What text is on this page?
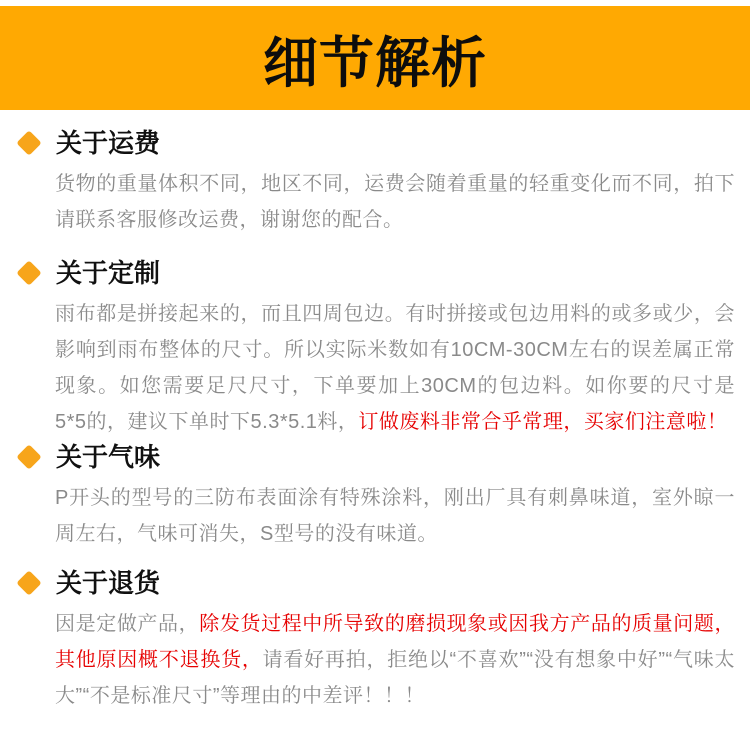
细节解析
关于运费

货物的重量体积不同，地区不同，运费会随着重量的轻重变化而不同，拍下请联系客服修改运费，谢谢您的配合。

关于定制

雨布都是拼接起来的，而且四周包边。有时拼接或包边用料的或多或少，会影响到雨布整体的尺寸。所以实际米数如有10CM-30CM左右的误差属正常现象。如您需要足尺尺寸，下单要加上30CM的包边料。如你要的尺寸是5*5的，建议下单时下5.3*5.1料，订做废料非常合乎常理，买家们注意啦！

关于气味

P开头的型号的三防布表面涂有特殊涂料，刚出厂具有刺鼻味道，室外晾一周左右，气味可消失，S型号的没有味道。

关于退货

因是定做产品，除发货过程中所导致的磨损现象或因我方产品的质量问题，其他原因概不退换货，请看好再拍，拒绝以“不喜欢”“没有想象中好”“气味太大”“不是标准尺寸”等理由的中差评！！！
